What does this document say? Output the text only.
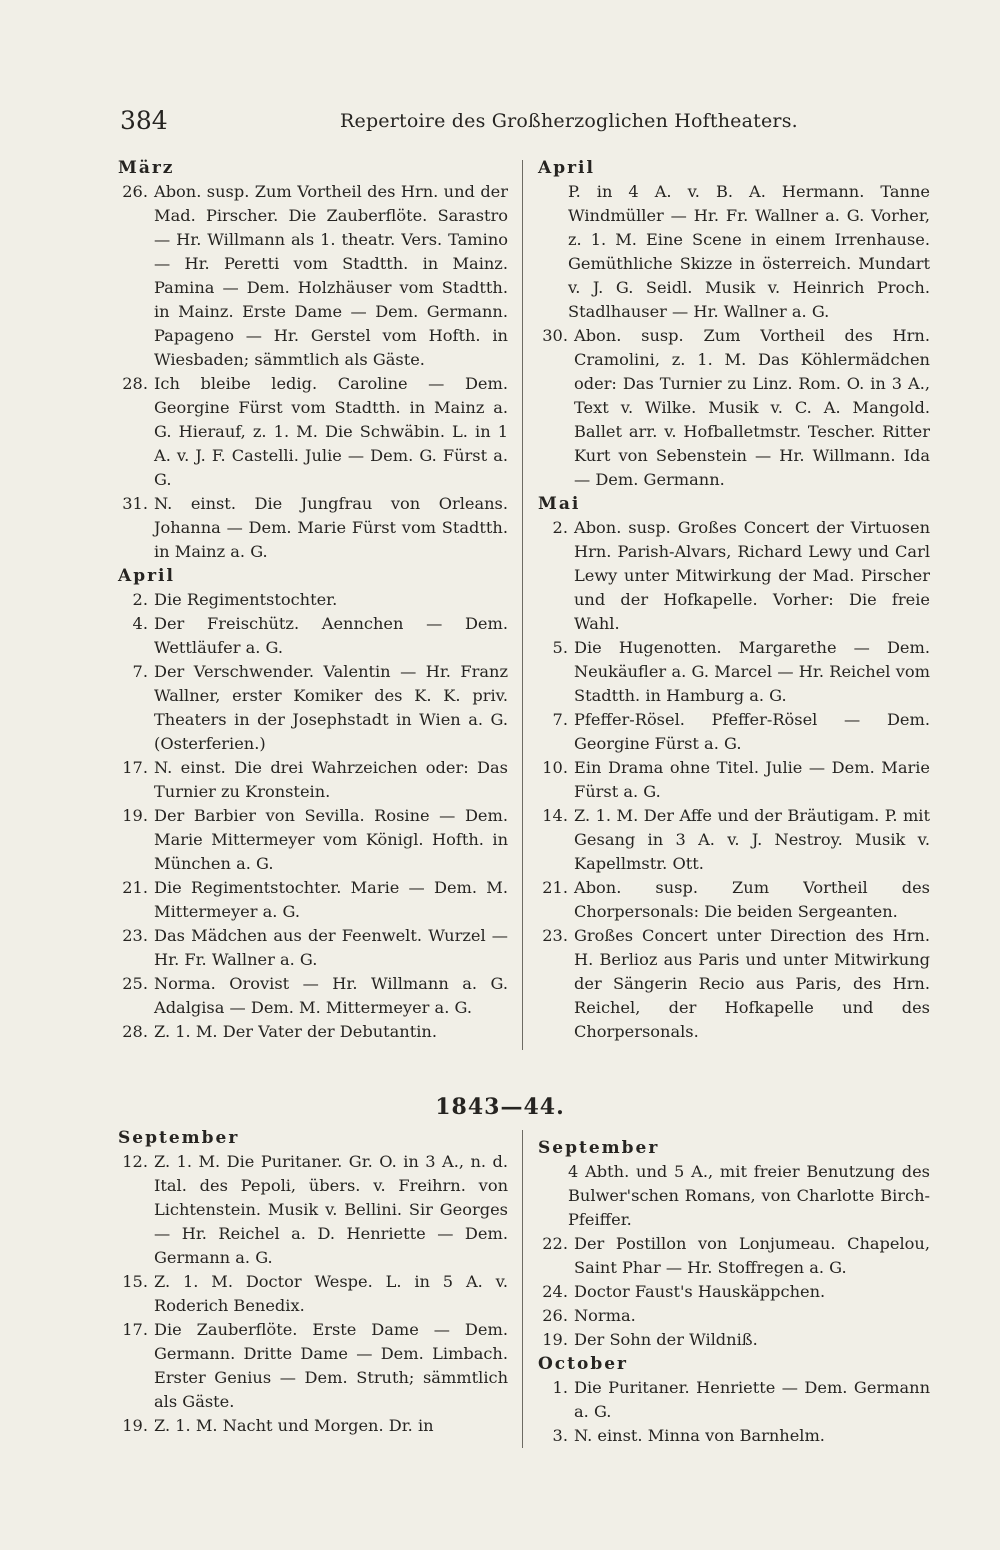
384	Repertoire des Großherzoglichen Hoftheaters.
März
26. Abon. susp. Zum Vortheil des Hrn. und der Mad. Pirscher. Die Zauberflöte. Sarastro — Hr. Willmann als 1. theatr. Vers. Tamino — Hr. Peretti vom Stadtth. in Mainz. Pamina — Dem. Holzhäuser vom Stadtth. in Mainz. Erste Dame — Dem. Germann. Papageno — Hr. Gerstel vom Hofth. in Wiesbaden; sämmtlich als Gäste.
28. Ich bleibe ledig. Caroline — Dem. Georgine Fürst vom Stadtth. in Mainz a. G. Hierauf, z. 1. M. Die Schwäbin. L. in 1 A. v. J. F. Castelli. Julie — Dem. G. Fürst a. G.
31. N. einst. Die Jungfrau von Orleans. Johanna — Dem. Marie Fürst vom Stadtth. in Mainz a. G.
April
2. Die Regimentstochter.
4. Der Freischütz. Aennchen — Dem. Wettläufer a. G.
7. Der Verschwender. Valentin — Hr. Franz Wallner, erster Komiker des K. K. priv. Theaters in der Josephstadt in Wien a. G. (Osterferien.)
17. N. einst. Die drei Wahrzeichen oder: Das Turnier zu Kronstein.
19. Der Barbier von Sevilla. Rosine — Dem. Marie Mittermeyer vom Königl. Hofth. in München a. G.
21. Die Regimentstochter. Marie — Dem. M. Mittermeyer a. G.
23. Das Mädchen aus der Feenwelt. Wurzel — Hr. Fr. Wallner a. G.
25. Norma. Orovist — Hr. Willmann a. G. Adalgisa — Dem. M. Mittermeyer a. G.
28. Z. 1. M. Der Vater der Debutantin.
April
P. in 4 A. v. B. A. Hermann. Tanne Windmüller — Hr. Fr. Wallner a. G. Vorher, z. 1. M. Eine Scene in einem Irrenhause. Gemüthliche Skizze in österreich. Mundart v. J. G. Seidl. Musik v. Heinrich Proch. Stadlhauser — Hr. Wallner a. G.
30. Abon. susp. Zum Vortheil des Hrn. Cramolini, z. 1. M. Das Köhlermädchen oder: Das Turnier zu Linz. Rom. O. in 3 A., Text v. Wilke. Musik v. C. A. Mangold. Ballet arr. v. Hofballetmstr. Tescher. Ritter Kurt von Sebenstein — Hr. Willmann. Ida — Dem. Germann.
Mai
2. Abon. susp. Großes Concert der Virtuosen Hrn. Parish-Alvars, Richard Lewy und Carl Lewy unter Mitwirkung der Mad. Pirscher und der Hofkapelle. Vorher: Die freie Wahl.
5. Die Hugenotten. Margarethe — Dem. Neukäufler a. G. Marcel — Hr. Reichel vom Stadtth. in Hamburg a. G.
7. Pfeffer-Rösel. Pfeffer-Rösel — Dem. Georgine Fürst a. G.
10. Ein Drama ohne Titel. Julie — Dem. Marie Fürst a. G.
14. Z. 1. M. Der Affe und der Bräutigam. P. mit Gesang in 3 A. v. J. Nestroy. Musik v. Kapellmstr. Ott.
21. Abon. susp. Zum Vortheil des Chorpersonals: Die beiden Sergeanten.
23. Großes Concert unter Direction des Hrn. H. Berlioz aus Paris und unter Mitwirkung der Sängerin Recio aus Paris, des Hrn. Reichel, der Hofkapelle und des Chorpersonals.
1843—44.
September
12. Z. 1. M. Die Puritaner. Gr. O. in 3 A., n. d. Ital. des Pepoli, übers. v. Freihrn. von Lichtenstein. Musik v. Bellini. Sir Georges — Hr. Reichel a. D. Henriette — Dem. Germann a. G.
15. Z. 1. M. Doctor Wespe. L. in 5 A. v. Roderich Benedix.
17. Die Zauberflöte. Erste Dame — Dem. Germann. Dritte Dame — Dem. Limbach. Erster Genius — Dem. Struth; sämmtlich als Gäste.
19. Z. 1. M. Nacht und Morgen. Dr. in
September
4 Abth. und 5 A., mit freier Benutzung des Bulwer'schen Romans, von Charlotte Birch-Pfeiffer.
22. Der Postillon von Lonjumeau. Chapelou, Saint Phar — Hr. Stoffregen a. G.
24. Doctor Faust's Hauskäppchen.
26. Norma.
19. Der Sohn der Wildniß.
October
1. Die Puritaner. Henriette — Dem. Germann a. G.
3. N. einst. Minna von Barnhelm.
